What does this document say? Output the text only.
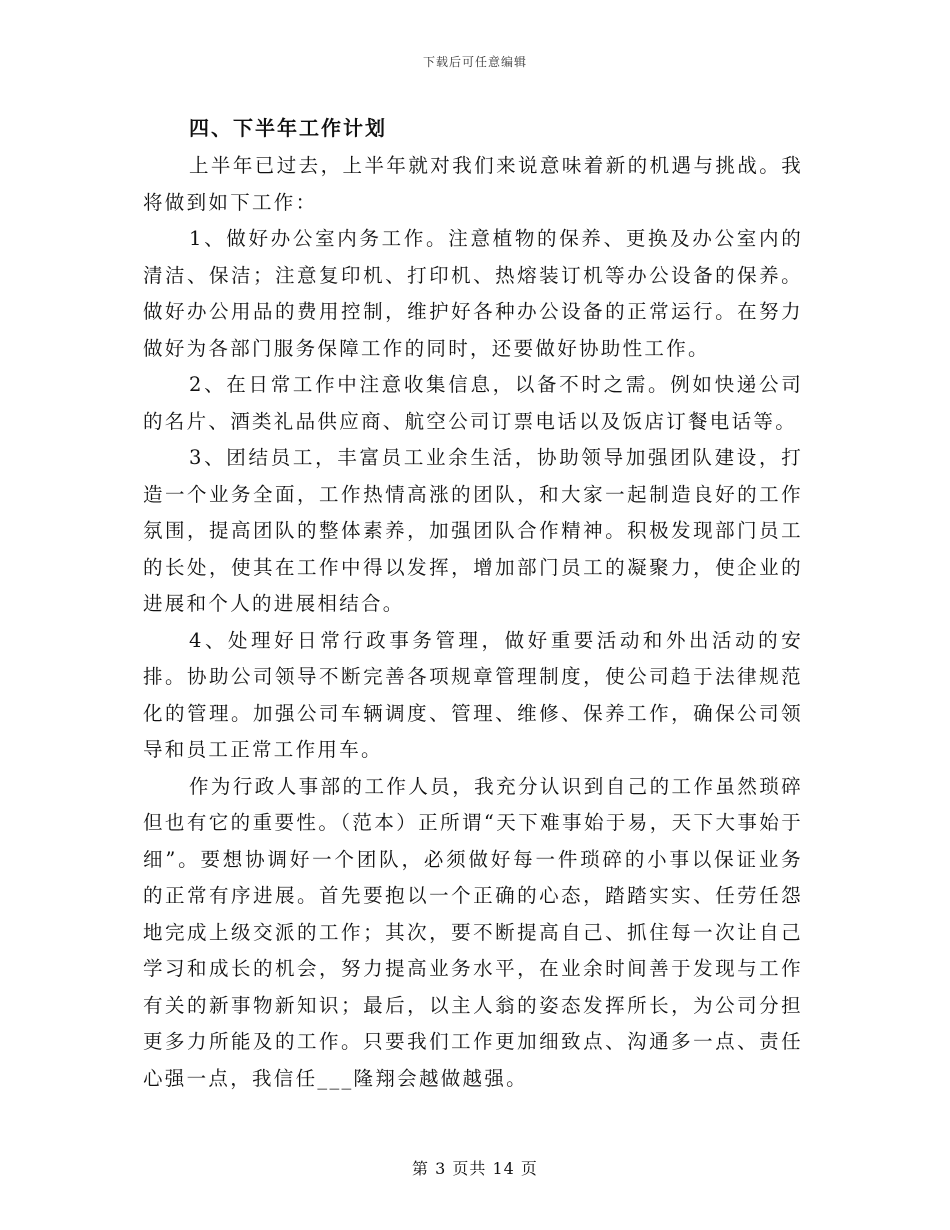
下载后可任意编辑
四、下半年工作计划

上半年已过去，上半年就对我们来说意味着新的机遇与挑战。我将做到如下工作：

1、做好办公室内务工作。注意植物的保养、更换及办公室内的清洁、保洁；注意复印机、打印机、热熔装订机等办公设备的保养。做好办公用品的费用控制，维护好各种办公设备的正常运行。在努力做好为各部门服务保障工作的同时，还要做好协助性工作。

2、在日常工作中注意收集信息，以备不时之需。例如快递公司的名片、酒类礼品供应商、航空公司订票电话以及饭店订餐电话等。

3、团结员工，丰富员工业余生活，协助领导加强团队建设，打造一个业务全面，工作热情高涨的团队，和大家一起制造良好的工作氛围，提高团队的整体素养，加强团队合作精神。积极发现部门员工的长处，使其在工作中得以发挥，增加部门员工的凝聚力，使企业的进展和个人的进展相结合。

4、处理好日常行政事务管理，做好重要活动和外出活动的安排。协助公司领导不断完善各项规章管理制度，使公司趋于法律规范化的管理。加强公司车辆调度、管理、维修、保养工作，确保公司领导和员工正常工作用车。

作为行政人事部的工作人员，我充分认识到自己的工作虽然琐碎但也有它的重要性。（范本）正所谓“天下难事始于易，天下大事始于细”。要想协调好一个团队，必须做好每一件琐碎的小事以保证业务的正常有序进展。首先要抱以一个正确的心态，踏踏实实、任劳任怨地完成上级交派的工作；其次，要不断提高自己、抓住每一次让自己学习和成长的机会，努力提高业务水平，在业余时间善于发现与工作有关的新事物新知识；最后，以主人翁的姿态发挥所长，为公司分担更多力所能及的工作。只要我们工作更加细致点、沟通多一点、责任心强一点，我信任___隆翔会越做越强。

第 3 页共 14 页
